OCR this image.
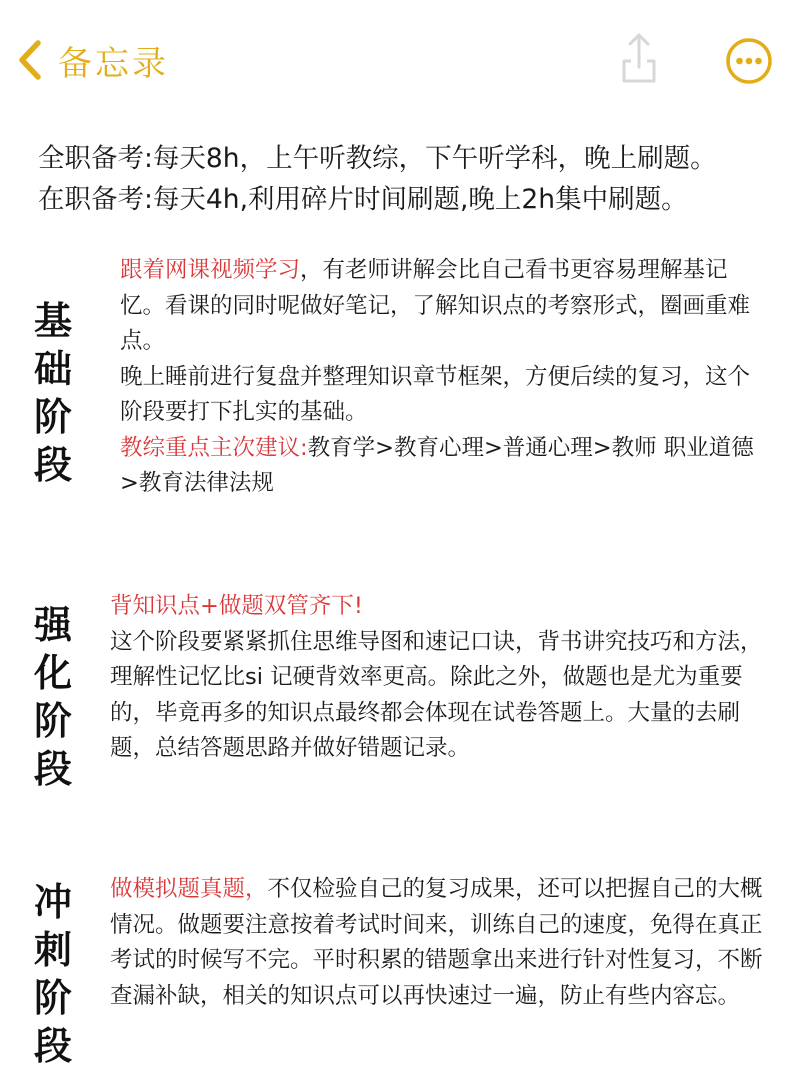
备忘录
全职备考:每天8h，上午听教综，下午听学科，晚上刷题。
在职备考:每天4h,利用碎片时间刷题,晚上2h集中刷题。
基础阶段

跟着网课视频学习，有老师讲解会比自己看书更容易理解基记忆。看课的同时呢做好笔记，了解知识点的考察形式，圈画重难点。

晚上睡前进行复盘并整理知识章节框架，方便后续的复习，这个阶段要打下扎实的基础。

教综重点主次建议:教育学>教育心理>普通心理>教师 职业道德>教育法律法规

强化阶段

背知识点+做题双管齐下!

这个阶段要紧紧抓住思维导图和速记口诀，背书讲究技巧和方法，理解性记忆比si 记硬背效率更高。除此之外，做题也是尤为重要的，毕竟再多的知识点最终都会体现在试卷答题上。大量的去刷题，总结答题思路并做好错题记录。

冲刺阶段

做模拟题真题，不仅检验自己的复习成果，还可以把握自己的大概情况。做题要注意按着考试时间来，训练自己的速度，免得在真正考试的时候写不完。平时积累的错题拿出来进行针对性复习，不断查漏补缺，相关的知识点可以再快速过一遍，防止有些内容忘。
